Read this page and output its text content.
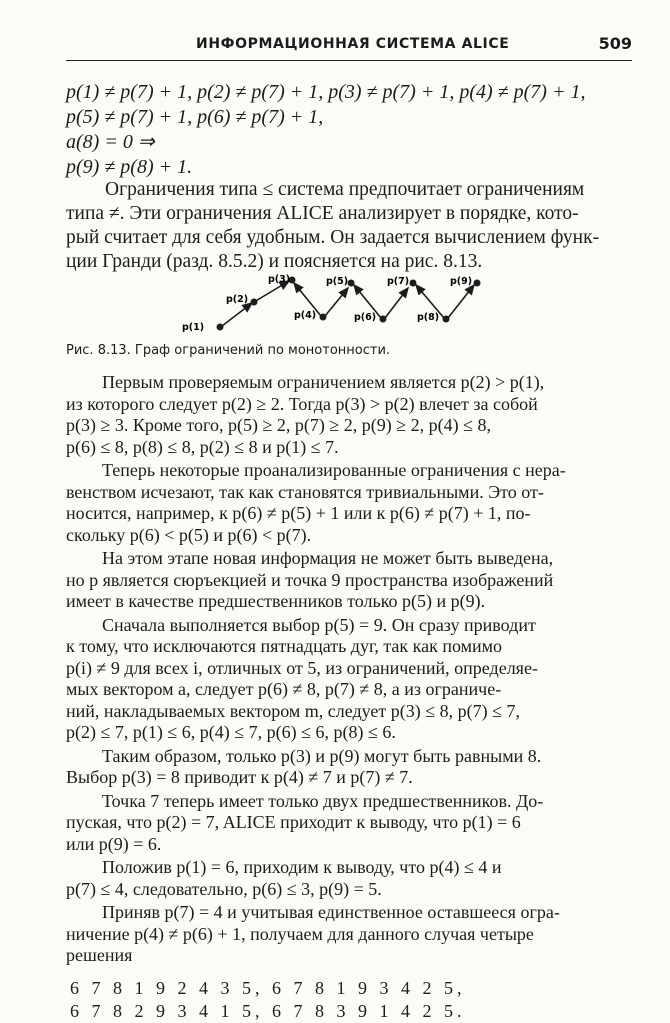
ИНФОРМАЦИОННАЯ СИСТЕМА ALICE	509
p(1) ≠ p(7) + 1, p(2) ≠ p(7) + 1, p(3) ≠ p(7) + 1, p(4) ≠ p(7) + 1,
p(5) ≠ p(7) + 1, p(6) ≠ p(7) + 1,
a(8) = 0 ⇒
p(9) ≠ p(8) + 1.
Ограничения типа ≤ система предпочитает ограничениям
типа ≠. Эти ограничения ALICE анализирует в порядке, кото-
рый считает для себя удобным. Он задается вычислением функ-
ции Гранди (разд. 8.5.2) и поясняется на рис. 8.13.
p(1)
p(2)
p(3)
p(4)
p(5)
p(6)
p(7)
p(8)
p(9)
Рис. 8.13. Граф ограничений по монотонности.
Первым проверяемым ограничением является p(2) > p(1),
из которого следует p(2) ≥ 2. Тогда p(3) > p(2) влечет за собой
p(3) ≥ 3. Кроме того, p(5) ≥ 2, p(7) ≥ 2, p(9) ≥ 2, p(4) ≤ 8,
p(6) ≤ 8, p(8) ≤ 8, p(2) ≤ 8 и p(1) ≤ 7.
Теперь некоторые проанализированные ограничения с нера-
венством исчезают, так как становятся тривиальными. Это от-
носится, например, к p(6) ≠ p(5) + 1 или к p(6) ≠ p(7) + 1, по-
скольку p(6) < p(5) и p(6) < p(7).
На этом этапе новая информация не может быть выведена,
но p является сюръекцией и точка 9 пространства изображений
имеет в качестве предшественников только p(5) и p(9).
Сначала выполняется выбор p(5) = 9. Он сразу приводит
к тому, что исключаются пятнадцать дуг, так как помимо
p(i) ≠ 9 для всех i, отличных от 5, из ограничений, определяе-
мых вектором a, следует p(6) ≠ 8, p(7) ≠ 8, а из ограниче-
ний, накладываемых вектором m, следует p(3) ≤ 8, p(7) ≤ 7,
p(2) ≤ 7, p(1) ≤ 6, p(4) ≤ 7, p(6) ≤ 6, p(8) ≤ 6.
Таким образом, только p(3) и p(9) могут быть равными 8.
Выбор p(3) = 8 приводит к p(4) ≠ 7 и p(7) ≠ 7.
Точка 7 теперь имеет только двух предшественников. До-
пуская, что p(2) = 7, ALICE приходит к выводу, что p(1) = 6
или p(9) = 6.
Положив p(1) = 6, приходим к выводу, что p(4) ≤ 4 и
p(7) ≤ 4, следовательно, p(6) ≤ 3, p(9) = 5.
Приняв p(7) = 4 и учитывая единственное оставшееся огра-
ничение p(4) ≠ p(6) + 1, получаем для данного случая четыре
решения
6 7 8 1 9 2 4 3 5, 6 7 8 1 9 3 4 2 5,
6 7 8 2 9 3 4 1 5, 6 7 8 3 9 1 4 2 5.
